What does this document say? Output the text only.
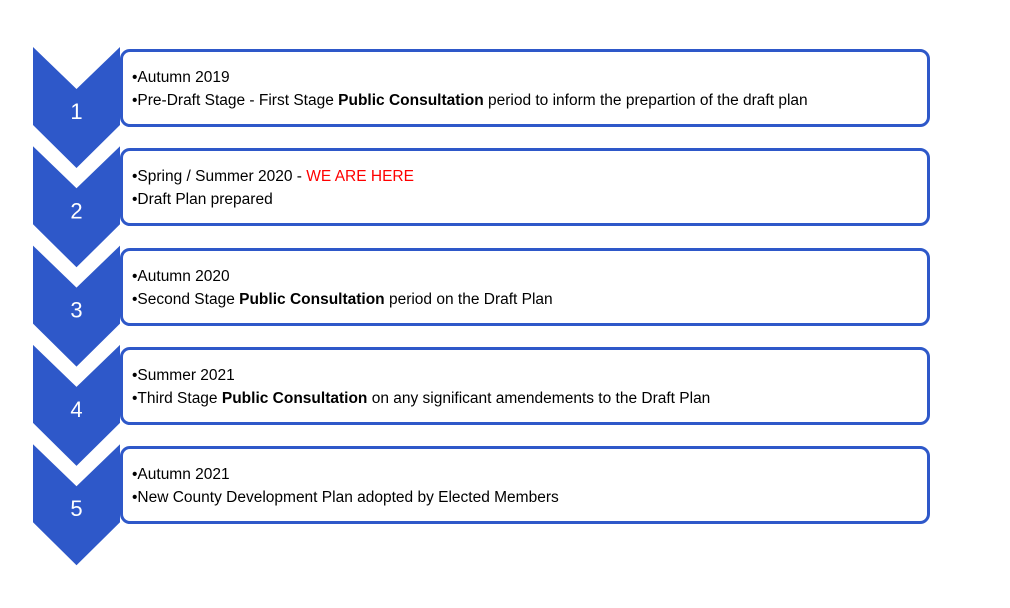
1
2
3
4
5
•Autumn 2019
•Pre-Draft Stage - First Stage Public Consultation period to inform the prepartion of the draft plan
•Spring / Summer 2020 - WE ARE HERE
•Draft Plan prepared
•Autumn 2020
•Second Stage Public Consultation period on the Draft Plan
•Summer 2021
•Third Stage Public Consultation on any significant amendements to the Draft Plan
•Autumn 2021
•New County Development Plan adopted by Elected Members
